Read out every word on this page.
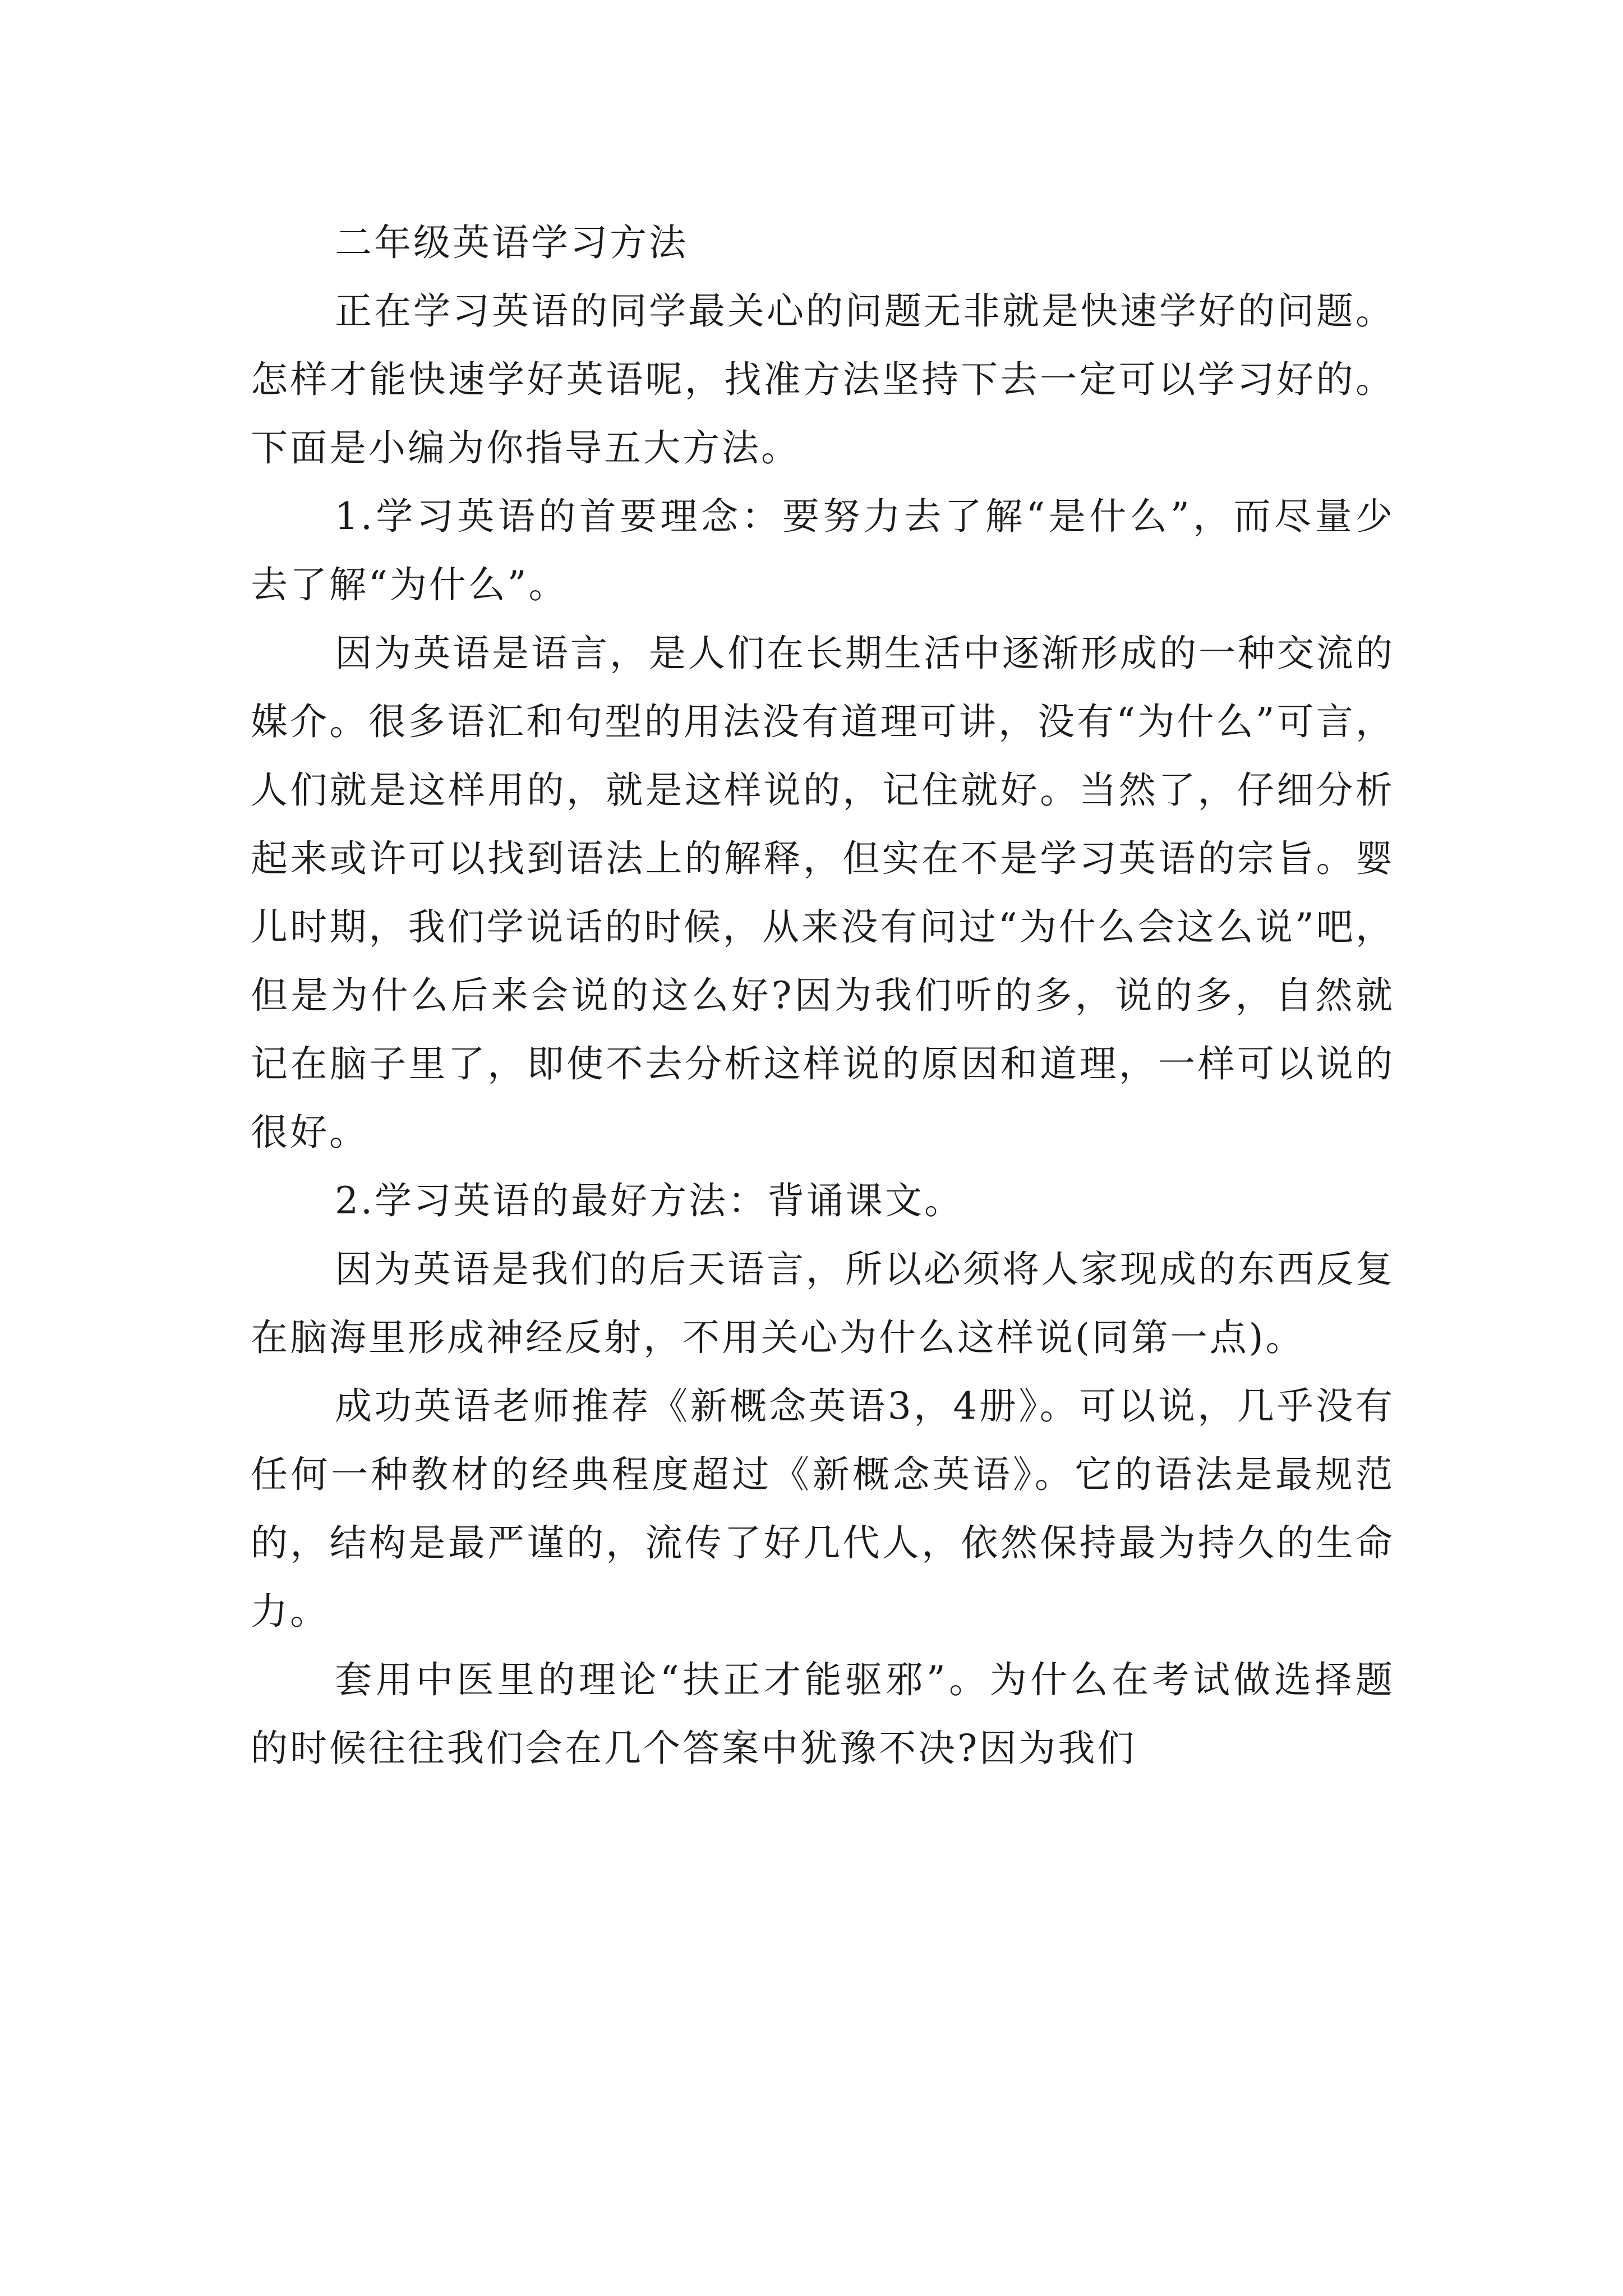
二年级英语学习方法

正在学习英语的同学最关心的问题无非就是快速学好的问题。怎样才能快速学好英语呢，找准方法坚持下去一定可以学习好的。下面是小编为你指导五大方法。

1.学习英语的首要理念：要努力去了解“是什么”，而尽量少去了解“为什么”。

因为英语是语言，是人们在长期生活中逐渐形成的一种交流的媒介。很多语汇和句型的用法没有道理可讲，没有“为什么”可言，人们就是这样用的，就是这样说的，记住就好。当然了，仔细分析起来或许可以找到语法上的解释，但实在不是学习英语的宗旨。婴儿时期，我们学说话的时候，从来没有问过“为什么会这么说”吧，但是为什么后来会说的这么好?因为我们听的多，说的多，自然就记在脑子里了，即使不去分析这样说的原因和道理，一样可以说的很好。

2.学习英语的最好方法：背诵课文。

因为英语是我们的后天语言，所以必须将人家现成的东西反复在脑海里形成神经反射，不用关心为什么这样说(同第一点)。

成功英语老师推荐《新概念英语3，4册》。可以说，几乎没有任何一种教材的经典程度超过《新概念英语》。它的语法是最规范的，结构是最严谨的，流传了好几代人，依然保持最为持久的生命力。

套用中医里的理论“扶正才能驱邪”。为什么在考试做选择题的时候往往我们会在几个答案中犹豫不决?因为我们
